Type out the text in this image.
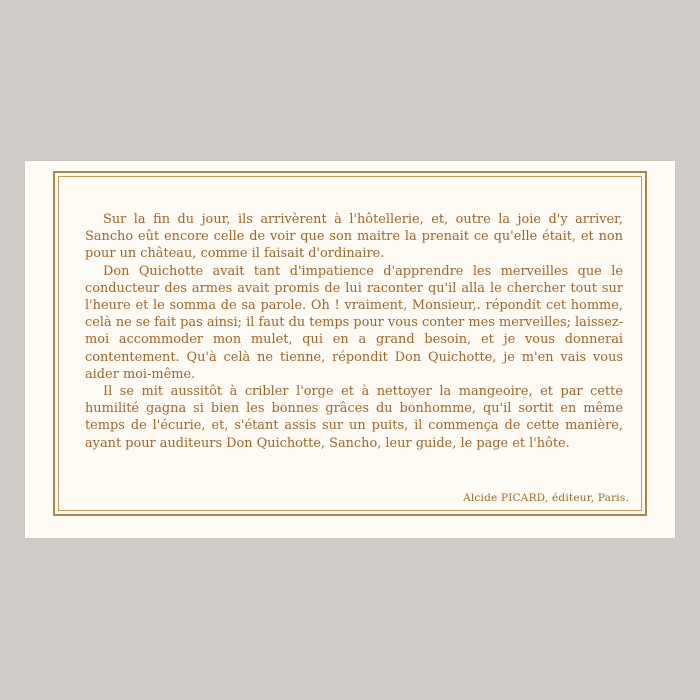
Sur la fin du jour, ils arrivèrent à l'hôtellerie, et, outre la joie d'y arriver, Sancho eût encore celle de voir que son maitre la prenait ce qu'elle était, et non pour un château, comme il faisait d'ordinaire.

Don Quichotte avait tant d'impatience d'apprendre les merveilles que le conducteur des armes avait promis de lui raconter qu'il alla le chercher tout sur l'heure et le somma de sa parole. Oh ! vraiment, Monsieur,. répondit cet homme, celà ne se fait pas ainsi; il faut du temps pour vous conter mes merveilles; laissez-moi accommoder mon mulet, qui en a grand besoin, et je vous donnerai contentement. Qu'à celà ne tienne, répondit Don Quichotte, je m'en vais vous aider moi-même.

Il se mit aussitôt à cribler l'orge et à nettoyer la mangeoire, et par cette humilité gagna si bien les bonnes grâces du bonhomme, qu'il sortit en même temps de l'écurie, et, s'étant assis sur un puits, il commença de cette manière, ayant pour auditeurs Don Quichotte, Sancho, leur guide, le page et l'hôte.

Alcide PICARD, éditeur, Paris.
